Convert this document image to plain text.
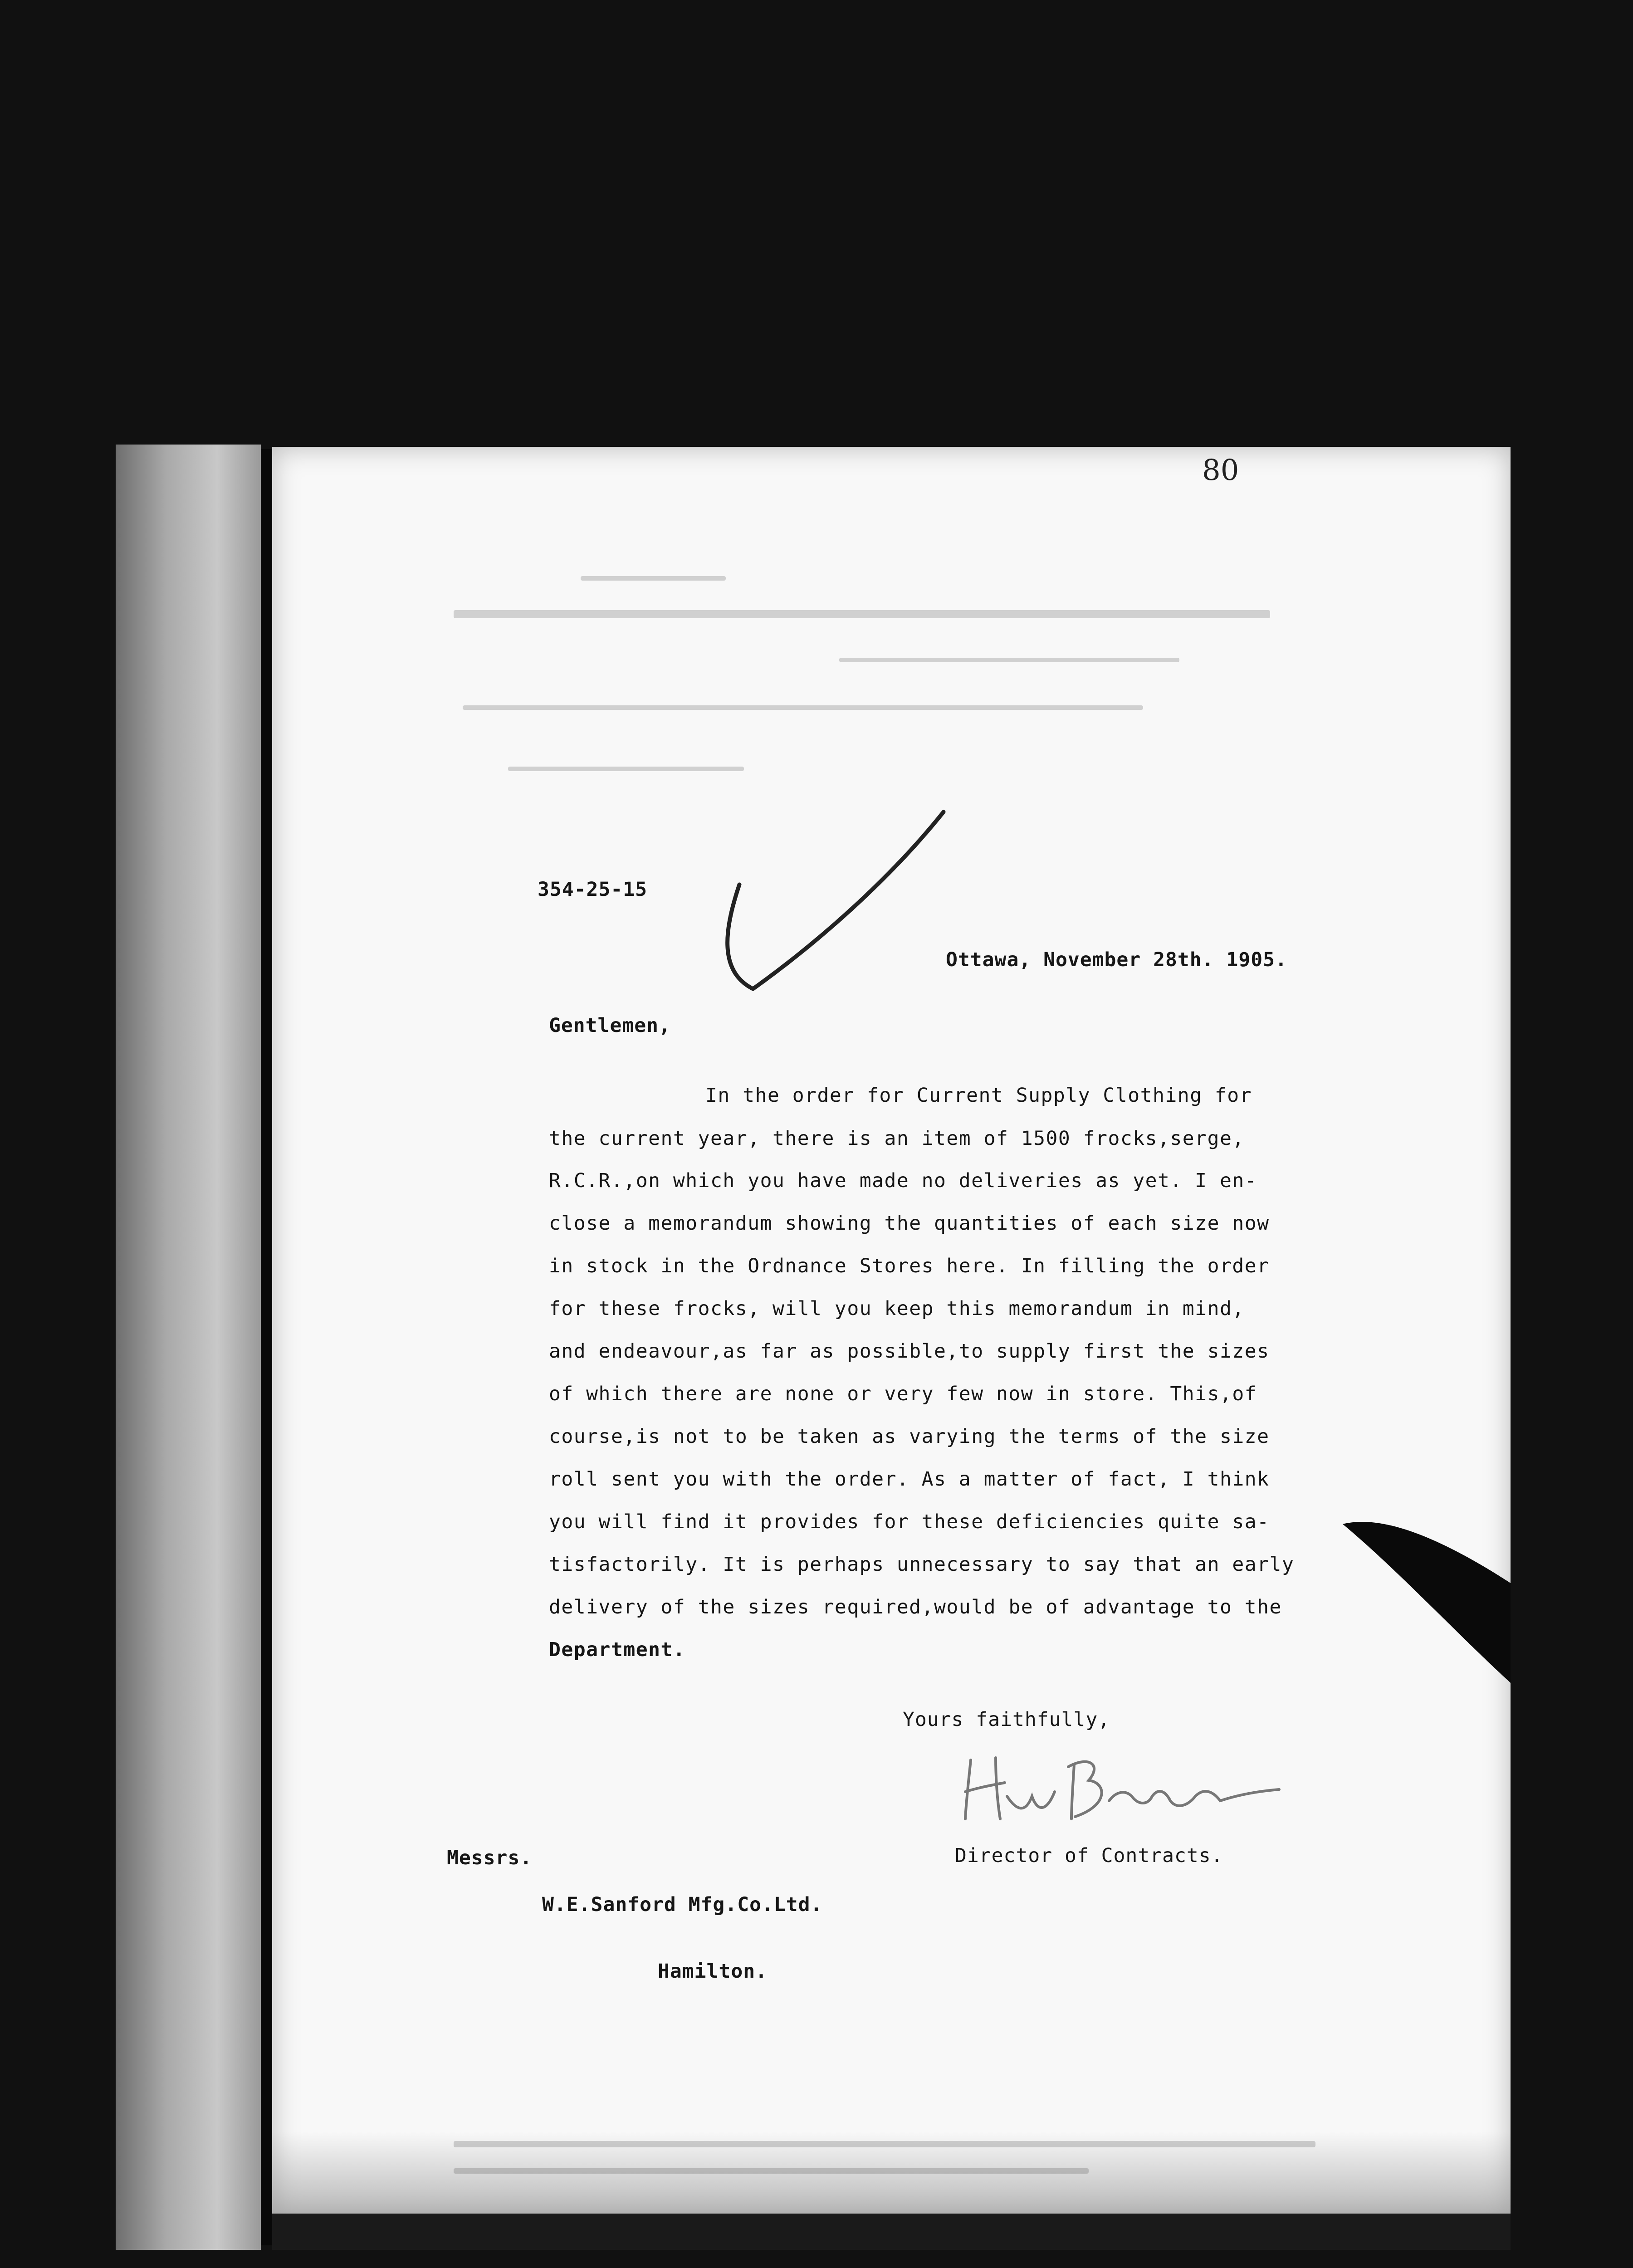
80
354-25-15
Ottawa, November 28th. 1905.
Gentlemen,
In the order for Current Supply Clothing for
the current year, there is an item of 1500 frocks,serge,
R.C.R.,on which you have made no deliveries as yet. I en-
close a memorandum showing the quantities of each size now
in stock in the Ordnance Stores here. In filling the order
for these frocks, will you keep this memorandum in mind,
and endeavour,as far as possible,to supply first the sizes
of which there are none or very few now in store. This,of
course,is not to be taken as varying the terms of the size
roll sent you with the order. As a matter of fact, I think
you will find it provides for these deficiencies quite sa-
tisfactorily. It is perhaps unnecessary to say that an early
delivery of the sizes required,would be of advantage to the
Department.
Yours faithfully,
Director of Contracts.
Messrs.
W.E.Sanford Mfg.Co.Ltd.
Hamilton.
